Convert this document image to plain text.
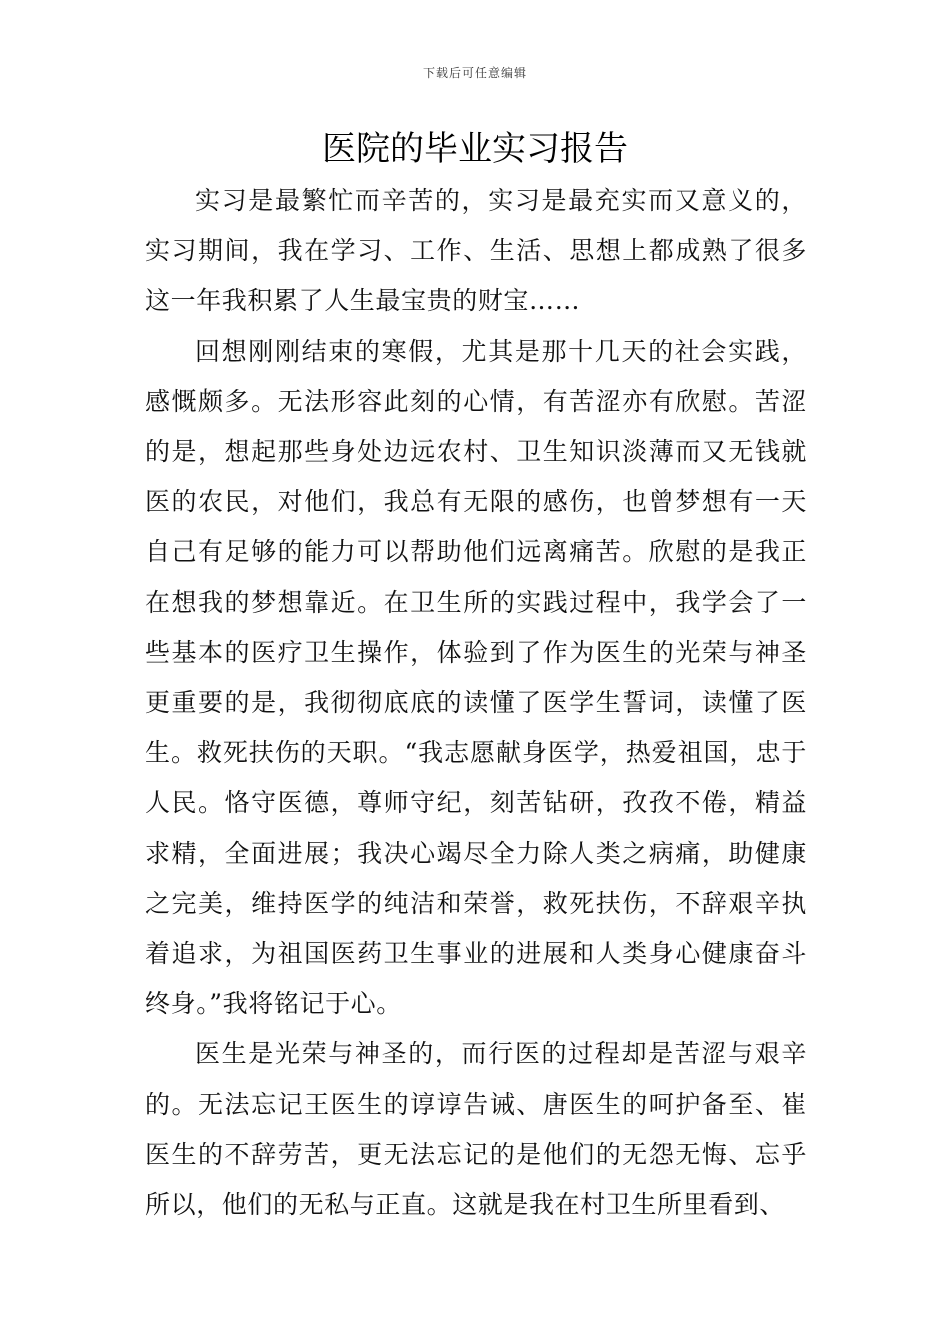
下载后可任意编辑
医院的毕业实习报告

实习是最繁忙而辛苦的，实习是最充实而又意义的，实习期间，我在学习、工作、生活、思想上都成熟了很多这一年我积累了人生最宝贵的财宝……

回想刚刚结束的寒假，尤其是那十几天的社会实践，感慨颇多。无法形容此刻的心情，有苦涩亦有欣慰。苦涩的是，想起那些身处边远农村、卫生知识淡薄而又无钱就医的农民，对他们，我总有无限的感伤，也曾梦想有一天自己有足够的能力可以帮助他们远离痛苦。欣慰的是我正在想我的梦想靠近。在卫生所的实践过程中，我学会了一些基本的医疗卫生操作，体验到了作为医生的光荣与神圣更重要的是，我彻彻底底的读懂了医学生誓词，读懂了医生。救死扶伤的天职。“我志愿献身医学，热爱祖国，忠于人民。恪守医德，尊师守纪，刻苦钻研，孜孜不倦，精益求精，全面进展；我决心竭尽全力除人类之病痛，助健康之完美，维持医学的纯洁和荣誉，救死扶伤，不辞艰辛执着追求，为祖国医药卫生事业的进展和人类身心健康奋斗终身。”我将铭记于心。

医生是光荣与神圣的，而行医的过程却是苦涩与艰辛的。无法忘记王医生的谆谆告诫、唐医生的呵护备至、崔医生的不辞劳苦，更无法忘记的是他们的无怨无悔、忘乎所以，他们的无私与正直。这就是我在村卫生所里看到、
